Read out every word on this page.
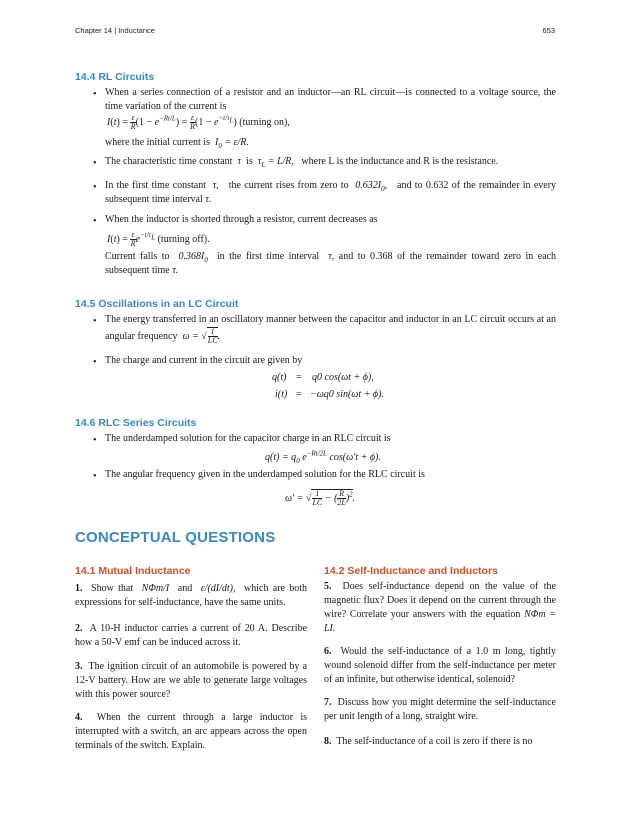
Chapter 14 | Inductance	653
14.4 RL Circuits
• When a series connection of a resistor and an inductor—an RL circuit—is connected to a voltage source, the time variation of the current is
$I(t) = \frac{\varepsilon}{R} (1 - e^{-Rt/L}) = \frac{\varepsilon}{R} (1 - e^{-t/\tau_L})$ (turning on),
where the initial current is $I_0 = \varepsilon/R$.
• The characteristic time constant τ is $\tau_L = L/R$, where L is the inductance and R is the resistance.
• In the first time constant τ, the current rises from zero to $0.632I_0$, and to 0.632 of the remainder in every subsequent time interval τ.
• When the inductor is shorted through a resistor, current decreases as
$I(t) = \frac{\varepsilon}{R} e^{-t/\tau_L}$ (turning off).
Current falls to $0.368I_0$ in the first time interval τ, and to 0.368 of the remainder toward zero in each subsequent time τ.
14.5 Oscillations in an LC Circuit
• The energy transferred in an oscillatory manner between the capacitor and inductor in an LC circuit occurs at an angular frequency ω = √ $\frac{1}{LC}$ .
• The charge and current in the circuit are given by
q(t) = q0 cos(ωt + ϕ),
i(t) = −ωq0 sin(ωt + ϕ).
14.6 RLC Series Circuits
• The underdamped solution for the capacitor charge in an RLC circuit is
$q(t) = q_0$ $e^{-Rt/2L}$ cos(ω′t + ϕ).
• The angular frequency given in the underdamped solution for the RLC circuit is
ω′ = √ $\frac{1}{LC}$ − ( $\frac{R}{2L} )^2$.
CONCEPTUAL QUESTIONS
14.1 Mutual Inductance	14.2 Self-Inductance and Inductors
1. Show that NΦm/I and ε/(dI/dt), which are both expressions for self-inductance, have the same units.
2. A 10-H inductor carries a current of 20 A. Describe how a 50-V emf can be induced across it.
3. The ignition circuit of an automobile is powered by a 12-V battery. How are we able to generate large voltages with this power source?
4. When the current through a large inductor is interrupted with a switch, an arc appears across the open terminals of the switch. Explain.
5. Does self-inductance depend on the value of the magnetic flux? Does it depend on the current through the wire? Correlate your answers with the equation NΦm = LI.
6. Would the self-inductance of a 1.0 m long, tightly wound solenoid differ from the self-inductance per meter of an infinite, but otherwise identical, solenoid?
7. Discuss how you might determine the self-inductance per unit length of a long, straight wire.
8. The self-inductance of a coil is zero if there is no
